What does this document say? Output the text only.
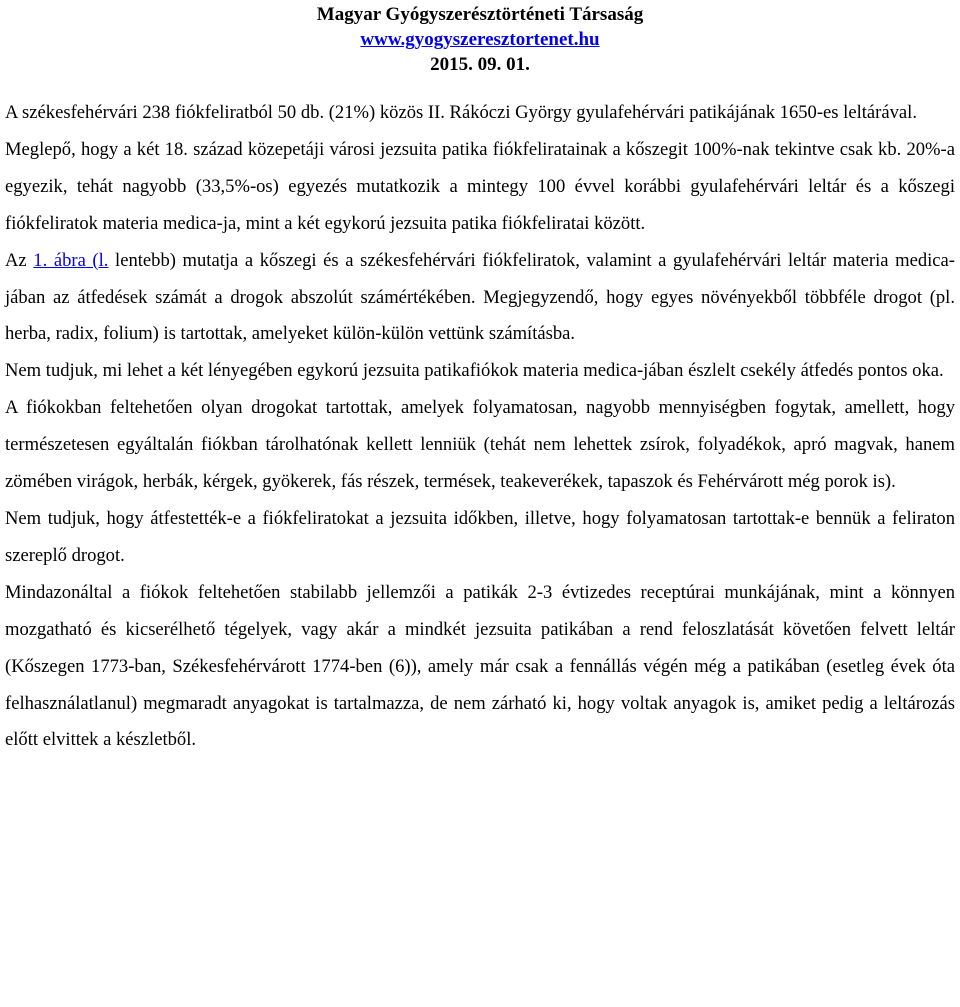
Magyar Gyógyszerésztörténeti Társaság
www.gyogyszeresztortenet.hu
2015. 09. 01.

A székesfehérvári 238 fiókfeliratból 50 db. (21%) közös II. Rákóczi György gyulafehérvári patikájának 1650-es leltárával.

Meglepő, hogy a két 18. század közepetáji városi jezsuita patika fiókfeliratainak a kőszegit 100%-nak tekintve csak kb. 20%-a egyezik, tehát nagyobb (33,5%-os) egyezés mutatkozik a mintegy 100 évvel korábbi gyulafehérvári leltár és a kőszegi fiókfeliratok materia medica-ja, mint a két egykorú jezsuita patika fiókfeliratai között.

Az 1. ábra (l. lentebb) mutatja a kőszegi és a székesfehérvári fiókfeliratok, valamint a gyulafehérvári leltár materia medica-jában az átfedések számát a drogok abszolút számértékében. Megjegyzendő, hogy egyes növényekből többféle drogot (pl. herba, radix, folium) is tartottak, amelyeket külön-külön vettünk számításba.

Nem tudjuk, mi lehet a két lényegében egykorú jezsuita patikafiókok materia medica-jában észlelt csekély átfedés pontos oka.

A fiókokban feltehetően olyan drogokat tartottak, amelyek folyamatosan, nagyobb mennyiségben fogytak, amellett, hogy természetesen egyáltalán fiókban tárolhatónak kellett lenniük (tehát nem lehettek zsírok, folyadékok, apró magvak, hanem zömében virágok, herbák, kérgek, gyökerek, fás részek, termések, teakeverékek, tapaszok és Fehérvárott még porok is).

Nem tudjuk, hogy átfestették-e a fiókfeliratokat a jezsuita időkben, illetve, hogy folyamatosan tartottak-e bennük a feliraton szereplő drogot.

Mindazonáltal a fiókok feltehetően stabilabb jellemzői a patikák 2-3 évtizedes receptúrai munkájának, mint a könnyen mozgatható és kicserélhető tégelyek, vagy akár a mindkét jezsuita patikában a rend feloszlatását követően felvett leltár (Kőszegen 1773-ban, Székesfehérvárott 1774-ben (6)), amely már csak a fennállás végén még a patikában (esetleg évek óta felhasználatlanul) megmaradt anyagokat is tartalmazza, de nem zárható ki, hogy voltak anyagok is, amiket pedig a leltározás előtt elvittek a készletből.
